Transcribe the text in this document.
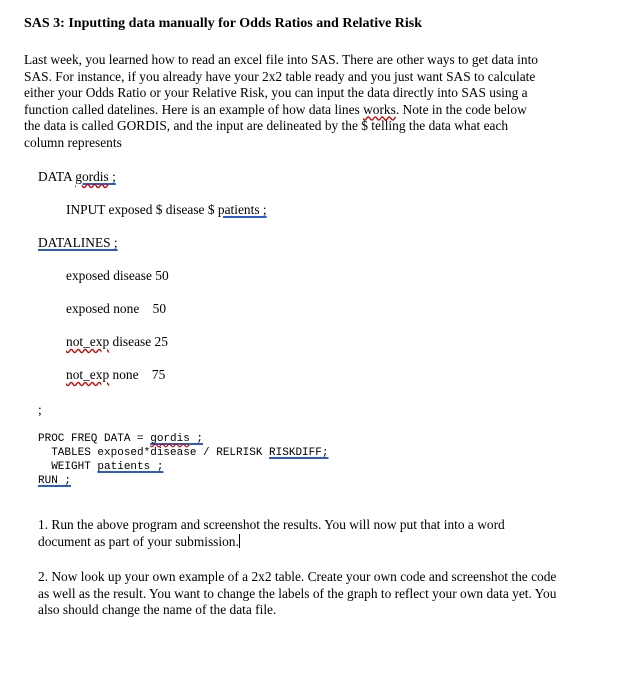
SAS 3: Inputting data manually for Odds Ratios and Relative Risk
Last week, you learned how to read an excel file into SAS. There are other ways to get data into
SAS. For instance, if you already have your 2x2 table ready and you just want SAS to calculate
either your Odds Ratio or your Relative Risk, you can input the data directly into SAS using a
function called datelines. Here is an example of how data lines works. Note in the code below
the data is called GORDIS, and the input are delineated by the $ telling the data what each
column represents
DATA gordis ;
INPUT exposed $ disease $ patients ;
DATALINES ;
exposed disease 50
exposed none    50
not_exp disease 25
not_exp none    75
;
PROC FREQ DATA = gordis ;
TABLES exposed*disease / RELRISK RISKDIFF;
WEIGHT patients ;
RUN ;
1. Run the above program and screenshot the results. You will now put that into a word
document as part of your submission.
2. Now look up your own example of a 2x2 table. Create your own code and screenshot the code
as well as the result. You want to change the labels of the graph to reflect your own data yet. You
also should change the name of the data file.
